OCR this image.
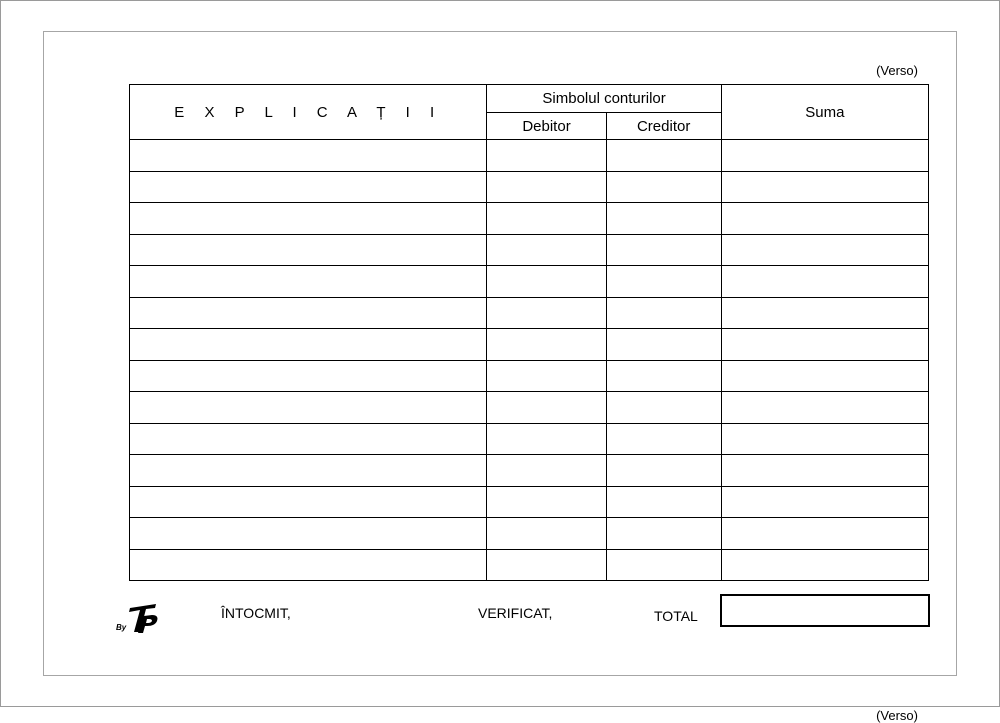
(Verso)
E X P L I C A Ț I I	Simbolul conturilor		Suma
	Debitor	Creditor	

By
ÎNTOCMIT,	VERIFICAT,	TOTAL
(Verso)
